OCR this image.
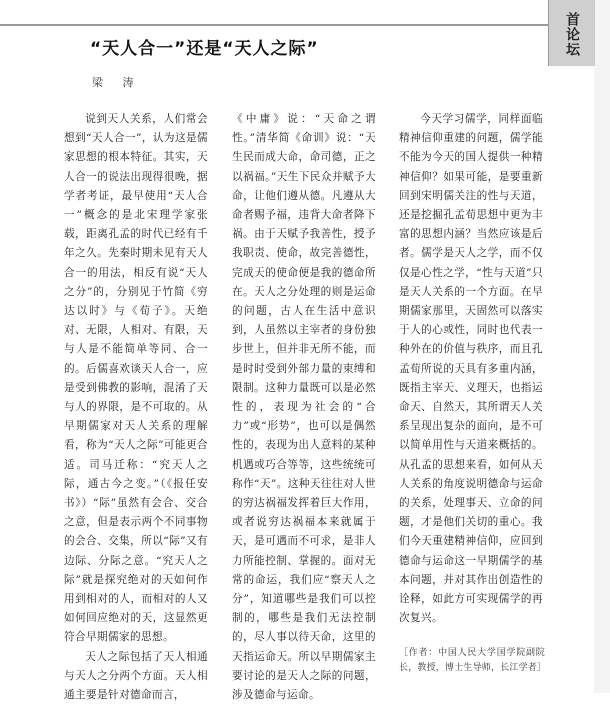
首论坛
“天人合一”还是“天人之际”
梁 涛

说到天人关系，人们常会想到“天人合一”，认为这是儒家思想的根本特征。其实，天人合一的说法出现得很晚，据学者考证，最早使用“天人合一”概念的是北宋理学家张载，距离孔孟的时代已经有千年之久。先秦时期未见有天人合一的用法，相反有说“天人之分”的，分别见于竹简《穷达以时》与《荀子》。天绝对、无限，人相对、有限，天与人是不能简单等同、合一的。后儒喜欢谈天人合一，应是受到佛教的影响，混淆了天与人的界限，是不可取的。从早期儒家对天人关系的理解看，称为“天人之际”可能更合适。司马迁称：“究天人之际，通古今之变。”（《报任安书》）“际”虽然有会合、交合之意，但是表示两个不同事物的会合、交集，所以“际”又有边际、分际之意。“究天人之际”就是探究绝对的天如何作用到相对的人，而相对的人又如何回应绝对的天，这显然更符合早期儒家的思想。

天人之际包括了天人相通与天人之分两个方面。天人相通主要是针对德命而言，

《中庸》说：“天命之谓性。”清华简《命训》说：“天生民而成大命，命司德，正之以祸福。”天生下民众并赋予大命，让他们遵从德。凡遵从大命者赐予福，违背大命者降下祸。由于天赋予我善性，授予我职责、使命，故完善德性，完成天的使命便是我的德命所在。天人之分处理的则是运命的问题，古人在生活中意识到，人虽然以主宰者的身份独步世上，但并非无所不能，而是时时受到外部力量的束缚和限制。这种力量既可以是必然性的，表现为社会的“合力”或“形势”，也可以是偶然性的，表现为出人意料的某种机遇或巧合等等，这些统统可称作“天”。这种天往往对人世的穷达祸福发挥着巨大作用，或者说穷达祸福本来就属于天，是可遇而不可求，是非人力所能控制、掌握的。面对无常的命运，我们应“察天人之分”，知道哪些是我们可以控制的，哪些是我们无法控制的，尽人事以待天命，这里的天指运命天。所以早期儒家主要讨论的是天人之际的问题，涉及德命与运命。

今天学习儒学，同样面临精神信仰重建的问题，儒学能不能为今天的国人提供一种精神信仰？如果可能，是要重新回到宋明儒关注的性与天道，还是挖掘孔孟荀思想中更为丰富的思想内涵？当然应该是后者。儒学是天人之学，而不仅仅是心性之学，“性与天道”只是天人关系的一个方面。在早期儒家那里，天固然可以落实于人的心或性，同时也代表一种外在的价值与秩序，而且孔孟荀所说的天具有多重内涵，既指主宰天、义理天，也指运命天、自然天，其所谓天人关系呈现出复杂的面向，是不可以简单用性与天道来概括的。从孔孟的思想来看，如何从天人关系的角度说明德命与运命的关系，处理事天、立命的问题，才是他们关切的重心。我们今天重建精神信仰，应回到德命与运命这一早期儒学的基本问题，并对其作出创造性的诠释，如此方可实现儒学的再次复兴。

［作者：中国人民大学国学院副院长，教授，博士生导师，长江学者］
